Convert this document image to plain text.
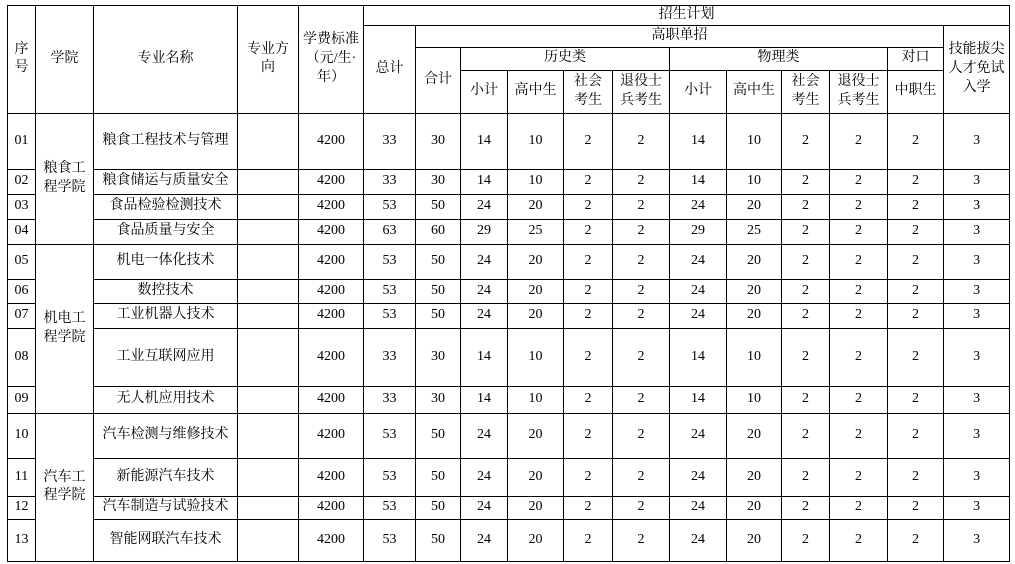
序号	学院	专业名称	专业方向	学费标准（元/生·年）	招生计划											
					总计	高职单招										技能拔尖人才免试入学
						合计	历史类				物理类				对口	
							小计	高中生	社会考生	退役士兵考生	小计	高中生	社会考生	退役士兵考生	中职生	
01	粮食工程学院	粮食工程技术与管理		4200	33	30	14	10	2	2	14	10	2	2	2	3
02		粮食储运与质量安全		4200	33	30	14	10	2	2	14	10	2	2	2	3
03		食品检验检测技术		4200	53	50	24	20	2	2	24	20	2	2	2	3
04		食品质量与安全		4200	63	60	29	25	2	2	29	25	2	2	2	3
05	机电工程学院	机电一体化技术		4200	53	50	24	20	2	2	24	20	2	2	2	3
06		数控技术		4200	53	50	24	20	2	2	24	20	2	2	2	3
07		工业机器人技术		4200	53	50	24	20	2	2	24	20	2	2	2	3
08		工业互联网应用		4200	33	30	14	10	2	2	14	10	2	2	2	3
09		无人机应用技术		4200	33	30	14	10	2	2	14	10	2	2	2	3
10	汽车工程学院	汽车检测与维修技术		4200	53	50	24	20	2	2	24	20	2	2	2	3
11		新能源汽车技术		4200	53	50	24	20	2	2	24	20	2	2	2	3
12		汽车制造与试验技术		4200	53	50	24	20	2	2	24	20	2	2	2	3
13		智能网联汽车技术		4200	53	50	24	20	2	2	24	20	2	2	2	3
